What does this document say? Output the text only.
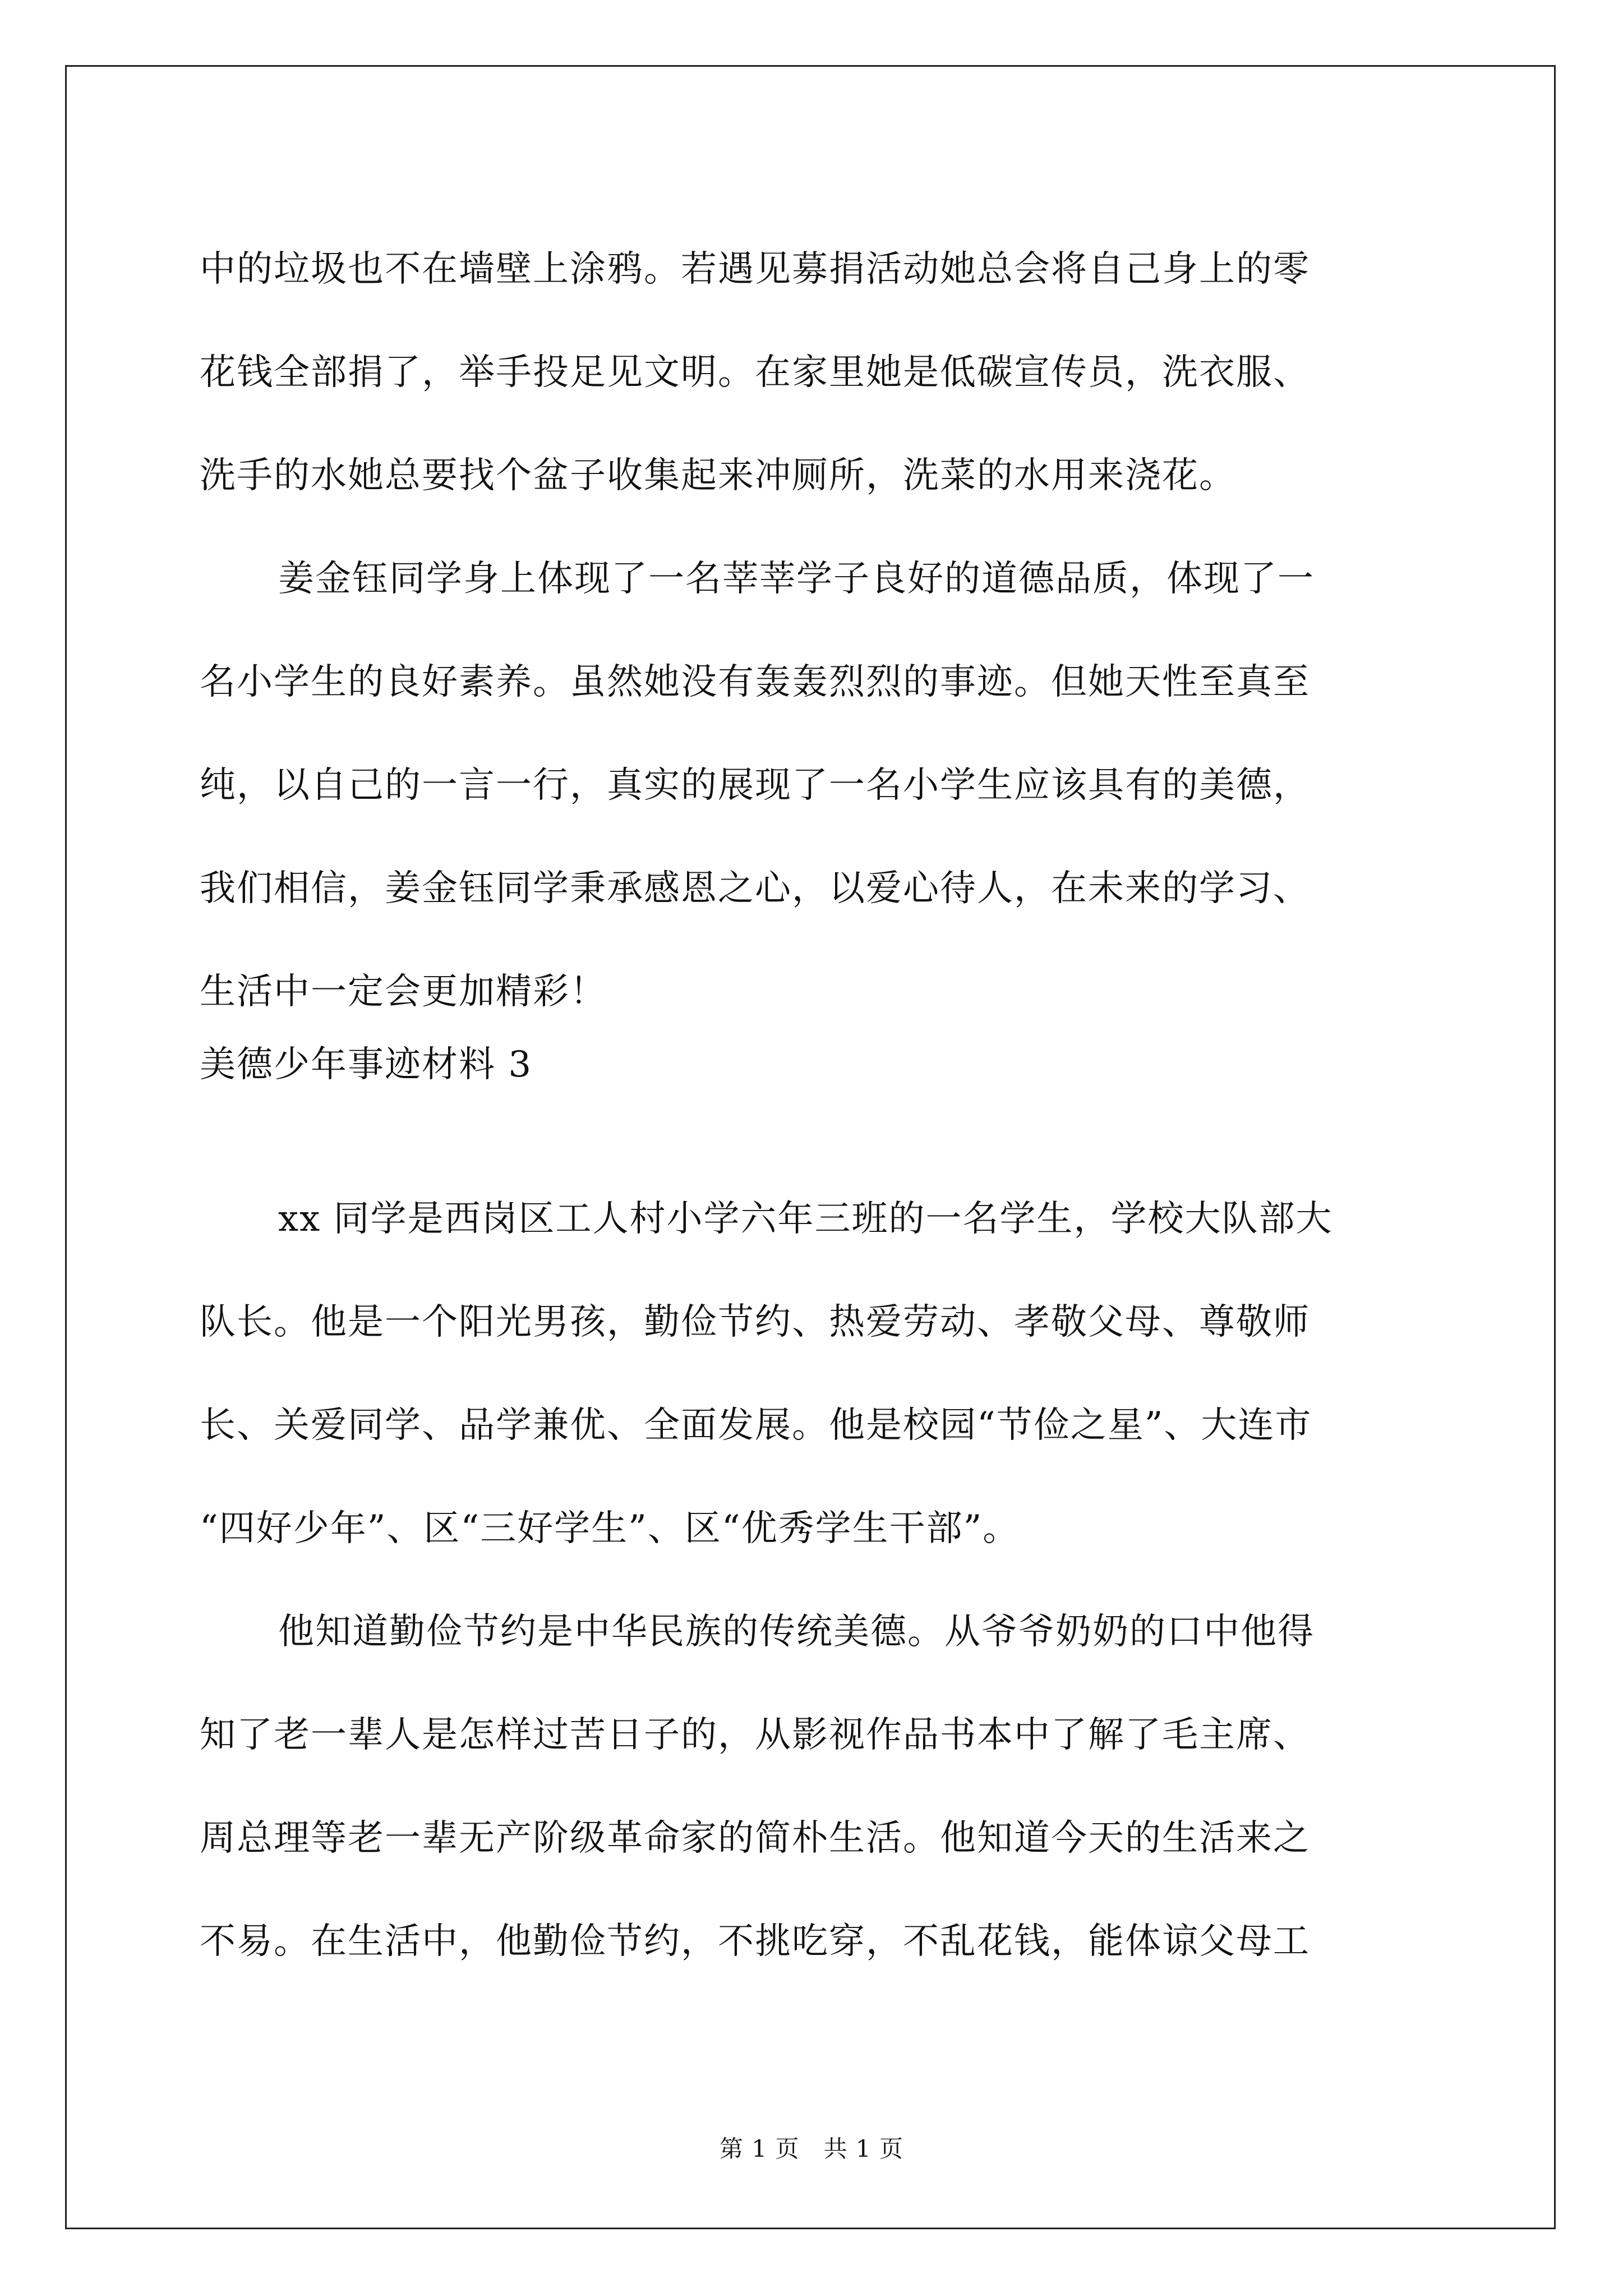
中的垃圾也不在墙壁上涂鸦。若遇见募捐活动她总会将自己身上的零
花钱全部捐了，举手投足见文明。在家里她是低碳宣传员，洗衣服、
洗手的水她总要找个盆子收集起来冲厕所，洗菜的水用来浇花。
姜金钰同学身上体现了一名莘莘学子良好的道德品质，体现了一
名小学生的良好素养。虽然她没有轰轰烈烈的事迹。但她天性至真至
纯，以自己的一言一行，真实的展现了一名小学生应该具有的美德，
我们相信，姜金钰同学秉承感恩之心，以爱心待人，在未来的学习、
生活中一定会更加精彩！
美德少年事迹材料 3
xx 同学是西岗区工人村小学六年三班的一名学生，学校大队部大
队长。他是一个阳光男孩，勤俭节约、热爱劳动、孝敬父母、尊敬师
长、关爱同学、品学兼优、全面发展。他是校园“节俭之星”、大连市
“四好少年”、区“三好学生”、区“优秀学生干部”。
他知道勤俭节约是中华民族的传统美德。从爷爷奶奶的口中他得
知了老一辈人是怎样过苦日子的，从影视作品书本中了解了毛主席、
周总理等老一辈无产阶级革命家的简朴生活。他知道今天的生活来之
不易。在生活中，他勤俭节约，不挑吃穿，不乱花钱，能体谅父母工
第 1 页   共 1 页
